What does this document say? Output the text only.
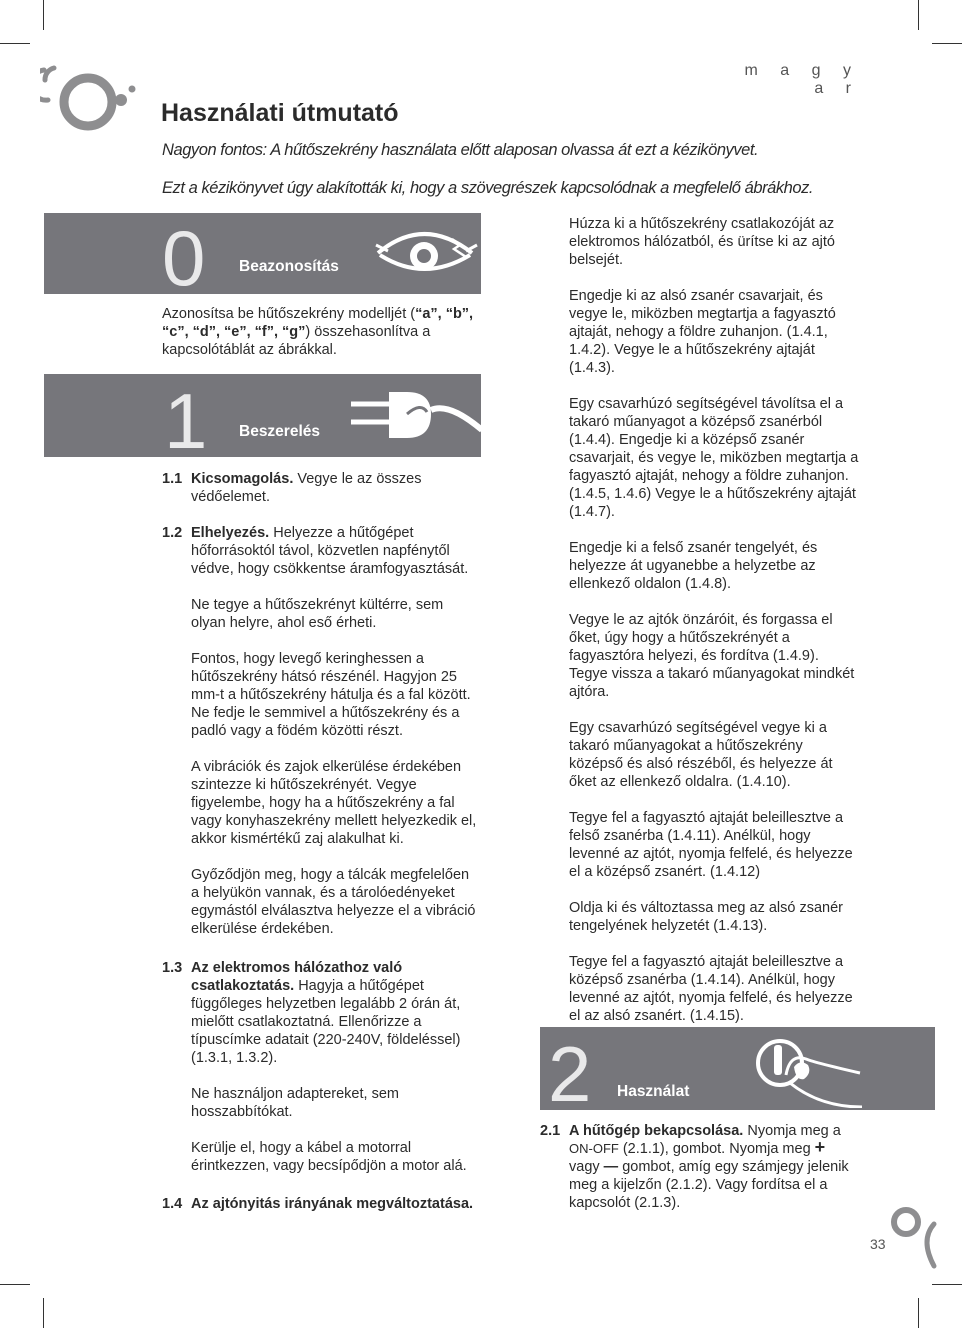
m a g y a r
Használati útmutató

Nagyon fontos: A hűtőszekrény használata előtt alaposan olvassa át ezt a kézikönyvet.

Ezt a kézikönyvet úgy alakították ki, hogy a szövegrészek kapcsolódnak a megfelelő ábrákhoz.

0 Beazonosítás
Azonosítsa be hűtőszekrény modelljét (“a”, “b”, “c”, “d”, “e”, “f”, “g”) összehasonlítva a kapcsolótáblát az ábrákkal.
1 Beszerelés
1.1 Kicsomagolás. Vegye le az összes védőelemet.
1.2 Elhelyezés. Helyezze a hűtőgépet hőforrásoktól távol, közvetlen napfénytől védve, hogy csökkentse áramfogyasztását.

Ne tegye a hűtőszekrényt kültérre, sem olyan helyre, ahol eső érheti.

Fontos, hogy levegő keringhessen a hűtőszekrény hátsó részénél. Hagyjon 25 mm-t a hűtőszekrény hátulja és a fal között. Ne fedje le semmivel a hűtőszekrény és a padló vagy a födém közötti részt.

A vibrációk és zajok elkerülése érdekében szintezze ki hűtőszekrényét. Vegye figyelembe, hogy ha a hűtőszekrény a fal vagy konyhaszekrény mellett helyezkedik el, akkor kismértékű zaj alakulhat ki.

Győződjön meg, hogy a tálcák megfelelően a helyükön vannak, és a tárolóedényeket egymástól elválasztva helyezze el a vibráció elkerülése érdekében.

1.3 Az elektromos hálózathoz való csatlakoztatás. Hagyja a hűtőgépet függőleges helyzetben legalább 2 órán át, mielőtt csatlakoztatná. Ellenőrizze a típuscímke adatait (220-240V, földeléssel) (1.3.1, 1.3.2).

Ne használjon adaptereket, sem hosszabbítókat.

Kerülje el, hogy a kábel a motorral érintkezzen, vagy becsípődjön a motor alá.

1.4 Az ajtónyitás irányának megváltoztatása.

Húzza ki a hűtőszekrény csatlakozóját az elektromos hálózatból, és ürítse ki az ajtó belsejét.

Engedje ki az alsó zsanér csavarjait, és vegye le, miközben megtartja a fagyasztó ajtaját, nehogy a földre zuhanjon. (1.4.1, 1.4.2). Vegye le a hűtőszekrény ajtaját (1.4.3).

Egy csavarhúzó segítségével távolítsa el a takaró műanyagot a középső zsanérból (1.4.4). Engedje ki a középső zsanér csavarjait, és vegye le, miközben megtartja a fagyasztó ajtaját, nehogy a földre zuhanjon. (1.4.5, 1.4.6) Vegye le a hűtőszekrény ajtaját (1.4.7).

Engedje ki a felső zsanér tengelyét, és helyezze át ugyanebbe a helyzetbe az ellenkező oldalon (1.4.8).

Vegye le az ajtók önzáróit, és forgassa el őket, úgy hogy a hűtőszekrényét a fagyasztóra helyezi, és fordítva (1.4.9). Tegye vissza a takaró műanyagokat mindkét ajtóra.

Egy csavarhúzó segítségével vegye ki a takaró műanyagokat a hűtőszekrény középső és alsó részéből, és helyezze át őket az ellenkező oldalra. (1.4.10).

Tegye fel a fagyasztó ajtaját beleillesztve a felső zsanérba (1.4.11). Anélkül, hogy levenné az ajtót, nyomja felfelé, és helyezze el a középső zsanért. (1.4.12)

Oldja ki és változtassa meg az alsó zsanér tengelyének helyzetét (1.4.13).

Tegye fel a fagyasztó ajtaját beleillesztve a középső zsanérba (1.4.14). Anélkül, hogy levenné az ajtót, nyomja felfelé, és helyezze el az alsó zsanért. (1.4.15).

2 Használat
2.1 A hűtőgép bekapcsolása. Nyomja meg a ON-OFF (2.1.1), gombot. Nyomja meg +
vagy — gombot, amíg egy számjegy jelenik meg a kijelzőn (2.1.2). Vagy fordítsa el a kapcsolót (2.1.3).
33
